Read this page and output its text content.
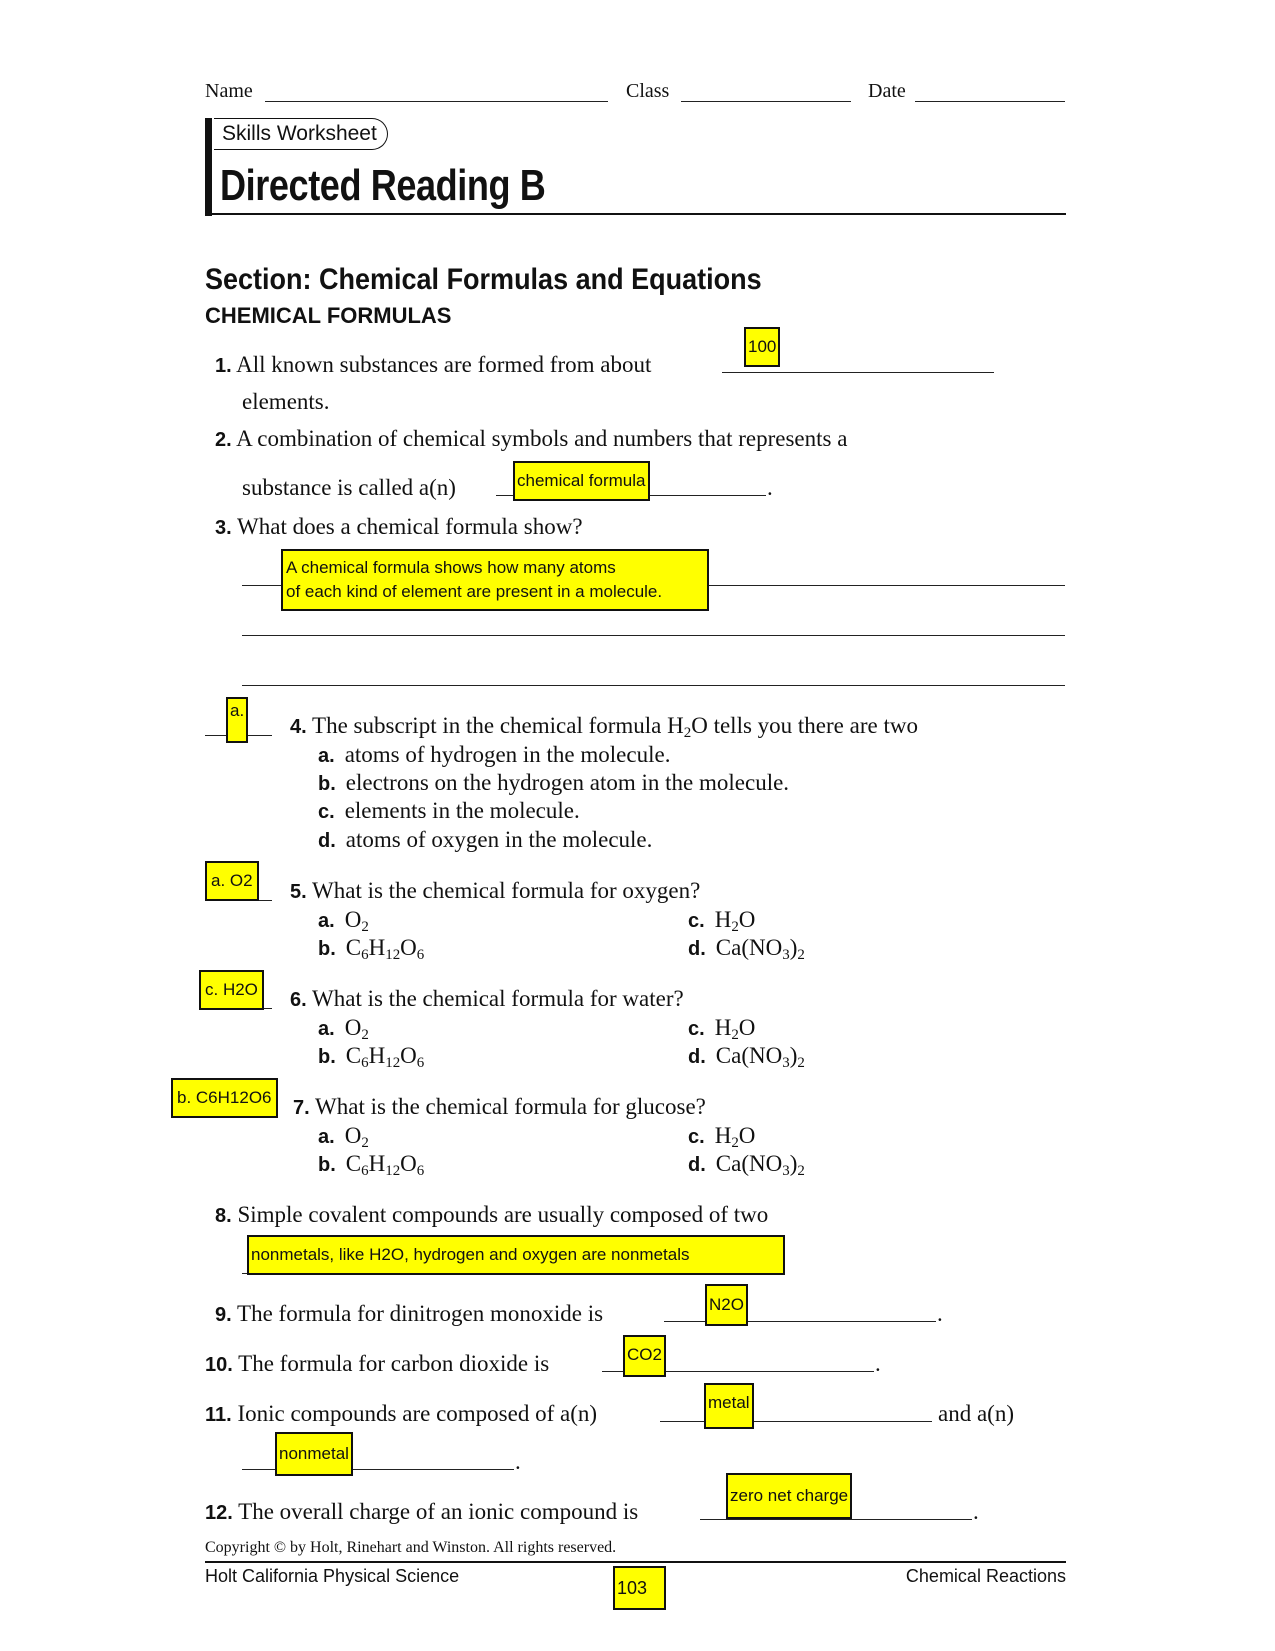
Name	Class	Date
Skills Worksheet
Directed Reading B
Section: Chemical Formulas and Equations
CHEMICAL FORMULAS
1. All known substances are formed from about
100
elements.
2. A combination of chemical symbols and numbers that represents a
substance is called a(n)	.
chemical formula
3. What does a chemical formula show?
A chemical formula shows how many atoms
of each kind of element are present in a molecule.
a.
4. The subscript in the chemical formula $H_2O$ tells you there are two
a. atoms of hydrogen in the molecule.
b. electrons on the hydrogen atom in the molecule.
c. elements in the molecule.
d. atoms of oxygen in the molecule.
a. O2
5. What is the chemical formula for oxygen?
a. $O_2$
b. $C_6H_{12}O_6$
c. $H_2O$
d. $Ca(NO_3)_2$
c. H2O	6. What is the chemical formula for water?
a. $O_2$
b. $C_6H_{12}O_6$
c. $H_2O$
d. $Ca(NO_3)_2$
b. C6H12O6	7. What is the chemical formula for glucose?
a. $O_2$
b. $C_6H_{12}O_6$
c. $H_2O$
d. $Ca(NO_3)_2$
8. Simple covalent compounds are usually composed of two
nonmetals, like H2O, hydrogen and oxygen are nonmetals
9. The formula for dinitrogen monoxide is	.
N2O
10. The formula for carbon dioxide is	.
CO2
11. Ionic compounds are composed of a(n)	and a(n)
metal
.
nonmetal
12. The overall charge of an ionic compound is	.
zero net charge
Copyright © by Holt, Rinehart and Winston. All rights reserved.
Holt California Physical Science	Chemical Reactions
103
